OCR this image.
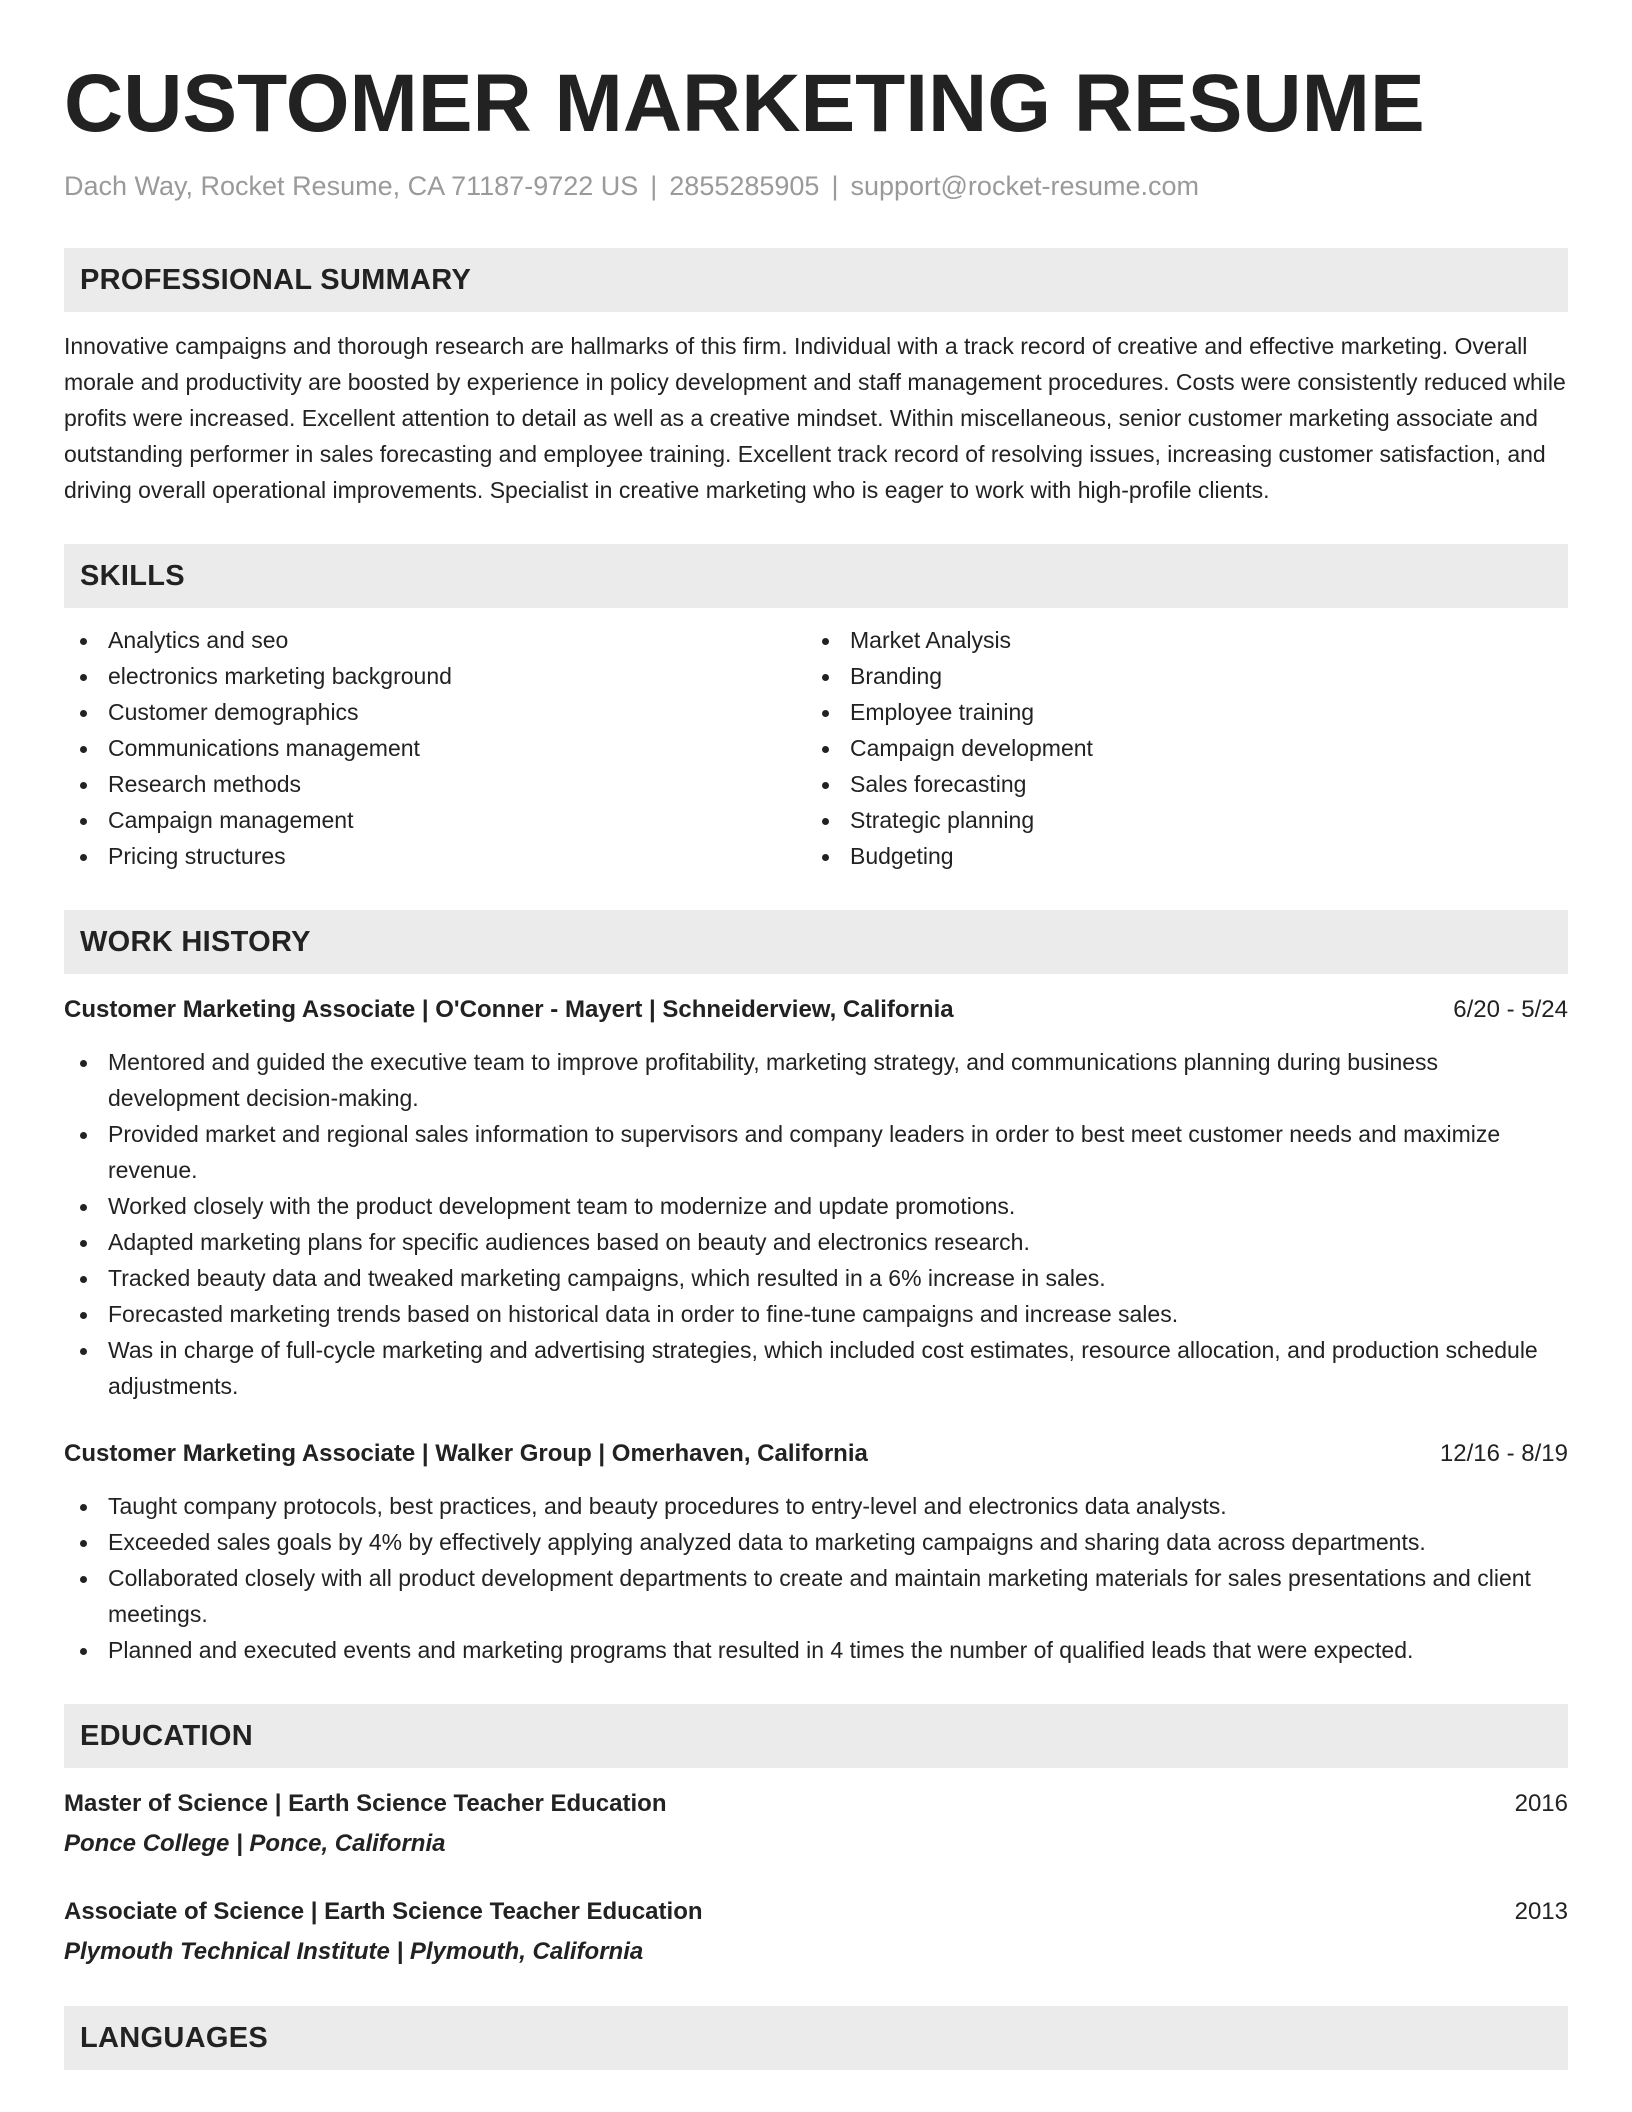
CUSTOMER MARKETING RESUME
Dach Way, Rocket Resume, CA 71187-9722 US | 2855285905 | support@rocket-resume.com
PROFESSIONAL SUMMARY
Innovative campaigns and thorough research are hallmarks of this firm. Individual with a track record of creative and effective marketing. Overall morale and productivity are boosted by experience in policy development and staff management procedures. Costs were consistently reduced while profits were increased. Excellent attention to detail as well as a creative mindset. Within miscellaneous, senior customer marketing associate and outstanding performer in sales forecasting and employee training. Excellent track record of resolving issues, increasing customer satisfaction, and driving overall operational improvements. Specialist in creative marketing who is eager to work with high-profile clients.
SKILLS
Analytics and seo
electronics marketing background
Customer demographics
Communications management
Research methods
Campaign management
Pricing structures
Market Analysis
Branding
Employee training
Campaign development
Sales forecasting
Strategic planning
Budgeting
WORK HISTORY
Customer Marketing Associate | O'Conner - Mayert | Schneiderview, California	6/20 - 5/24
Mentored and guided the executive team to improve profitability, marketing strategy, and communications planning during business development decision-making.
Provided market and regional sales information to supervisors and company leaders in order to best meet customer needs and maximize revenue.
Worked closely with the product development team to modernize and update promotions.
Adapted marketing plans for specific audiences based on beauty and electronics research.
Tracked beauty data and tweaked marketing campaigns, which resulted in a 6% increase in sales.
Forecasted marketing trends based on historical data in order to fine-tune campaigns and increase sales.
Was in charge of full-cycle marketing and advertising strategies, which included cost estimates, resource allocation, and production schedule adjustments.
Customer Marketing Associate | Walker Group | Omerhaven, California	12/16 - 8/19
Taught company protocols, best practices, and beauty procedures to entry-level and electronics data analysts.
Exceeded sales goals by 4% by effectively applying analyzed data to marketing campaigns and sharing data across departments.
Collaborated closely with all product development departments to create and maintain marketing materials for sales presentations and client meetings.
Planned and executed events and marketing programs that resulted in 4 times the number of qualified leads that were expected.
EDUCATION
Master of Science | Earth Science Teacher Education	2016
Ponce College | Ponce, California
Associate of Science | Earth Science Teacher Education	2013
Plymouth Technical Institute | Plymouth, California
LANGUAGES
